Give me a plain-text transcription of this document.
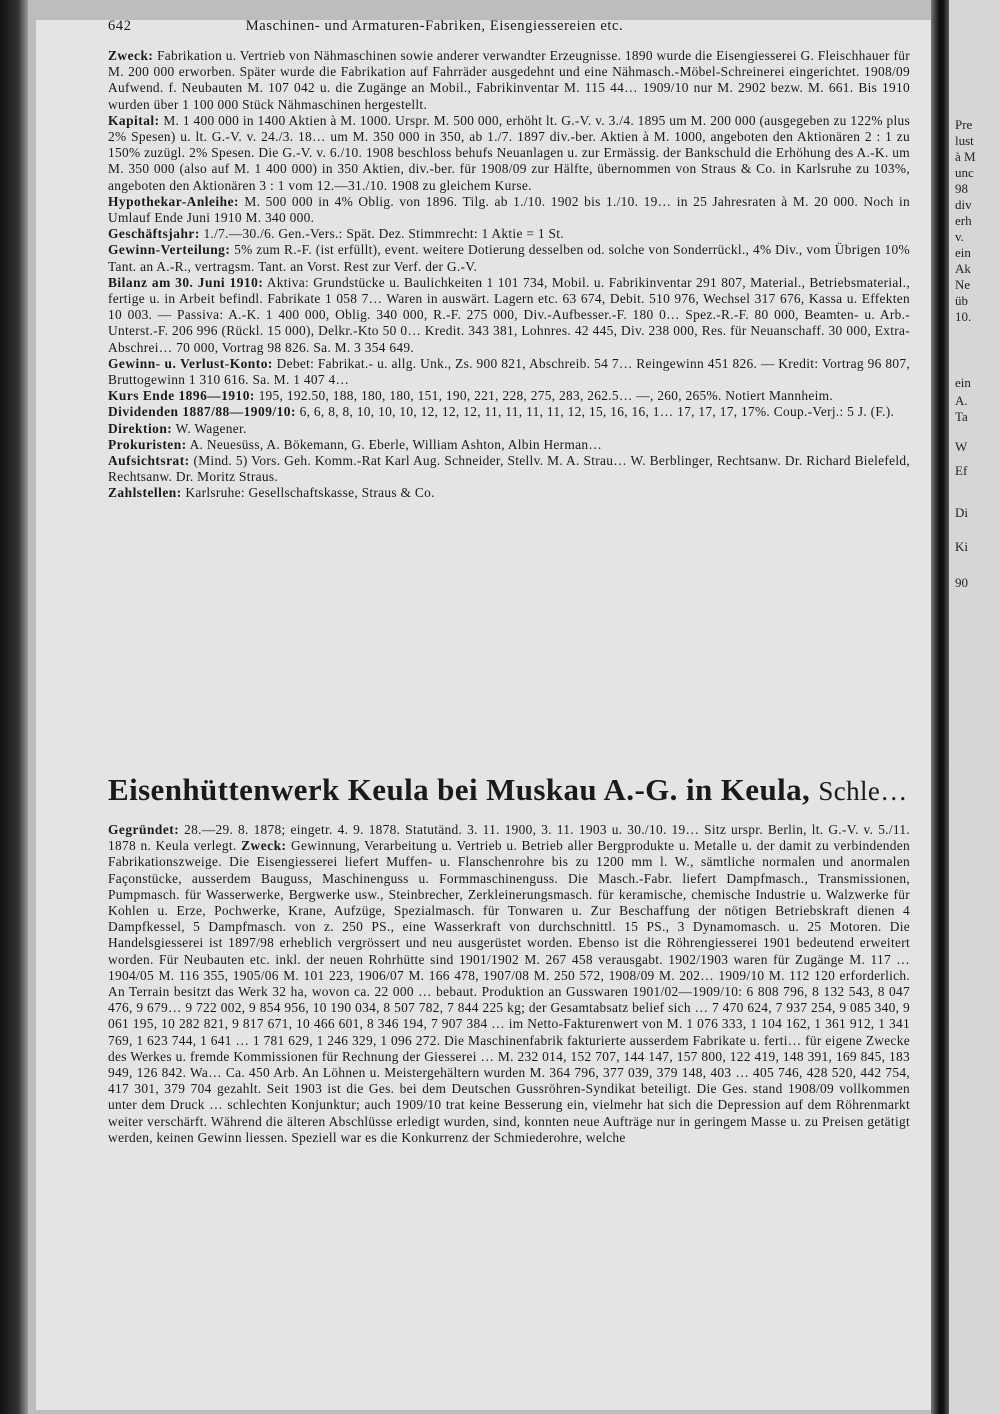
642	Maschinen- und Armaturen-Fabriken, Eisengiessereien etc.

Zweck: Fabrikation u. Vertrieb von Nähmaschinen sowie anderer verwandter Erzeugnisse. 1890 wurde die Eisengiesserei G. Fleischhauer für M. 200 000 erworben. Später wurde die Fabrikation auf Fahrräder ausgedehnt und eine Nähmasch.-Möbel-Schreinerei eingerichtet. 1908/09 Aufwend. f. Neubauten M. 107 042 u. die Zugänge an Mobil., Fabrikinventar M. 115 44… 1909/10 nur M. 2902 bezw. M. 661. Bis 1910 wurden über 1 100 000 Stück Nähmaschinen hergestellt.

Kapital: M. 1 400 000 in 1400 Aktien à M. 1000. Urspr. M. 500 000, erhöht lt. G.-V. v. 3./4. 1895 um M. 200 000 (ausgegeben zu 122% plus 2% Spesen) u. lt. G.-V. v. 24./3. 18… um M. 350 000 in 350, ab 1./7. 1897 div.-ber. Aktien à M. 1000, angeboten den Aktionären 2 : 1 zu 150% zuzügl. 2% Spesen. Die G.-V. v. 6./10. 1908 beschloss behufs Neuanlagen u. zur Ermässig. der Bankschuld die Erhöhung des A.-K. um M. 350 000 (also auf M. 1 400 000) in 350 Aktien, div.-ber. für 1908/09 zur Hälfte, übernommen von Straus & Co. in Karlsruhe zu 103%, angeboten den Aktionären 3 : 1 vom 12.—31./10. 1908 zu gleichem Kurse.

Hypothekar-Anleihe: M. 500 000 in 4% Oblig. von 1896. Tilg. ab 1./10. 1902 bis 1./10. 19… in 25 Jahresraten à M. 20 000. Noch in Umlauf Ende Juni 1910 M. 340 000.

Geschäftsjahr: 1./7.—30./6. Gen.-Vers.: Spät. Dez. Stimmrecht: 1 Aktie = 1 St.

Gewinn-Verteilung: 5% zum R.-F. (ist erfüllt), event. weitere Dotierung desselben od. solche von Sonderrückl., 4% Div., vom Übrigen 10% Tant. an A.-R., vertragsm. Tant. an Vorst. Rest zur Verf. der G.-V.

Bilanz am 30. Juni 1910: Aktiva: Grundstücke u. Baulichkeiten 1 101 734, Mobil. u. Fabrikinventar 291 807, Material., Betriebsmaterial., fertige u. in Arbeit befindl. Fabrikate 1 058 7… Waren in auswärt. Lagern etc. 63 674, Debit. 510 976, Wechsel 317 676, Kassa u. Effekten 10 003. — Passiva: A.-K. 1 400 000, Oblig. 340 000, R.-F. 275 000, Div.-Aufbesser.-F. 180 0… Spez.-R.-F. 80 000, Beamten- u. Arb.-Unterst.-F. 206 996 (Rückl. 15 000), Delkr.-Kto 50 0… Kredit. 343 381, Lohnres. 42 445, Div. 238 000, Res. für Neuanschaff. 30 000, Extra-Abschrei… 70 000, Vortrag 98 826. Sa. M. 3 354 649.

Gewinn- u. Verlust-Konto: Debet: Fabrikat.- u. allg. Unk., Zs. 900 821, Abschreib. 54 7… Reingewinn 451 826. — Kredit: Vortrag 96 807, Bruttogewinn 1 310 616. Sa. M. 1 407 4…

Kurs Ende 1896—1910: 195, 192.50, 188, 180, 180, 151, 190, 221, 228, 275, 283, 262.5… —, 260, 265%. Notiert Mannheim.

Dividenden 1887/88—1909/10: 6, 6, 8, 8, 10, 10, 10, 12, 12, 12, 11, 11, 11, 11, 12, 15, 16, 16, 1… 17, 17, 17, 17%. Coup.-Verj.: 5 J. (F.).

Direktion: W. Wagener.

Prokuristen: A. Neuesüss, A. Bökemann, G. Eberle, William Ashton, Albin Herman…

Aufsichtsrat: (Mind. 5) Vors. Geh. Komm.-Rat Karl Aug. Schneider, Stellv. M. A. Strau… W. Berblinger, Rechtsanw. Dr. Richard Bielefeld, Rechtsanw. Dr. Moritz Straus.

Zahlstellen: Karlsruhe: Gesellschaftskasse, Straus & Co.

Eisenhüttenwerk Keula bei Muskau A.-G. in Keula, Schle…

Gegründet: 28.—29. 8. 1878; eingetr. 4. 9. 1878. Statutänd. 3. 11. 1900, 3. 11. 1903 u. 30./10. 19… Sitz urspr. Berlin, lt. G.-V. v. 5./11. 1878 n. Keula verlegt. Zweck: Gewinnung, Verarbeitung u. Vertrieb u. Betrieb aller Bergprodukte u. Metalle u. der damit zu verbindenden Fabrikationszweige. Die Eisengiesserei liefert Muffen- u. Flanschenrohre bis zu 1200 mm l. W., sämtliche normalen und anormalen Façonstücke, ausserdem Bauguss, Maschinenguss u. Formmaschinenguss. Die Masch.-Fabr. liefert Dampfmasch., Transmissionen, Pumpmasch. für Wasserwerke, Bergwerke usw., Steinbrecher, Zerkleinerungsmasch. für keramische, chemische Industrie u. Walzwerke für Kohlen u. Erze, Pochwerke, Krane, Aufzüge, Spezialmasch. für Tonwaren u. Zur Beschaffung der nötigen Betriebskraft dienen 4 Dampfkessel, 5 Dampfmasch. von z. 250 PS., eine Wasserkraft von durchschnittl. 15 PS., 3 Dynamomasch. u. 25 Motoren. Die Handelsgiesserei ist 1897/98 erheblich vergrössert und neu ausgerüstet worden. Ebenso ist die Röhrengiesserei 1901 bedeutend erweitert worden. Für Neubauten etc. inkl. der neuen Rohrhütte sind 1901/1902 M. 267 458 verausgabt. 1902/1903 waren für Zugänge M. 117 … 1904/05 M. 116 355, 1905/06 M. 101 223, 1906/07 M. 166 478, 1907/08 M. 250 572, 1908/09 M. 202… 1909/10 M. 112 120 erforderlich. An Terrain besitzt das Werk 32 ha, wovon ca. 22 000 … bebaut. Produktion an Gusswaren 1901/02—1909/10: 6 808 796, 8 132 543, 8 047 476, 9 679… 9 722 002, 9 854 956, 10 190 034, 8 507 782, 7 844 225 kg; der Gesamtabsatz belief sich … 7 470 624, 7 937 254, 9 085 340, 9 061 195, 10 282 821, 9 817 671, 10 466 601, 8 346 194, 7 907 384 … im Netto-Fakturenwert von M. 1 076 333, 1 104 162, 1 361 912, 1 341 769, 1 623 744, 1 641 … 1 781 629, 1 246 329, 1 096 272. Die Maschinenfabrik fakturierte ausserdem Fabrikate u. ferti… für eigene Zwecke des Werkes u. fremde Kommissionen für Rechnung der Giesserei … M. 232 014, 152 707, 144 147, 157 800, 122 419, 148 391, 169 845, 183 949, 126 842. Wa… Ca. 450 Arb. An Löhnen u. Meistergehältern wurden M. 364 796, 377 039, 379 148, 403 … 405 746, 428 520, 442 754, 417 301, 379 704 gezahlt. Seit 1903 ist die Ges. bei dem Deutschen Gussröhren-Syndikat beteiligt. Die Ges. stand 1908/09 vollkommen unter dem Druck … schlechten Konjunktur; auch 1909/10 trat keine Besserung ein, vielmehr hat sich die Depression auf dem Röhrenmarkt weiter verschärft. Während die älteren Abschlüsse erledigt wurden, sind, konnten neue Aufträge nur in geringem Masse u. zu Preisen getätigt werden, keinen Gewinn liessen. Speziell war es die Konkurrenz der Schmiederohre, welche

Pre
lust
à M
unc
98
div
erh
v.
ein
Ak
Ne
üb
10.
ein
A.
Ta
W
Ef
Di
Ki
90
